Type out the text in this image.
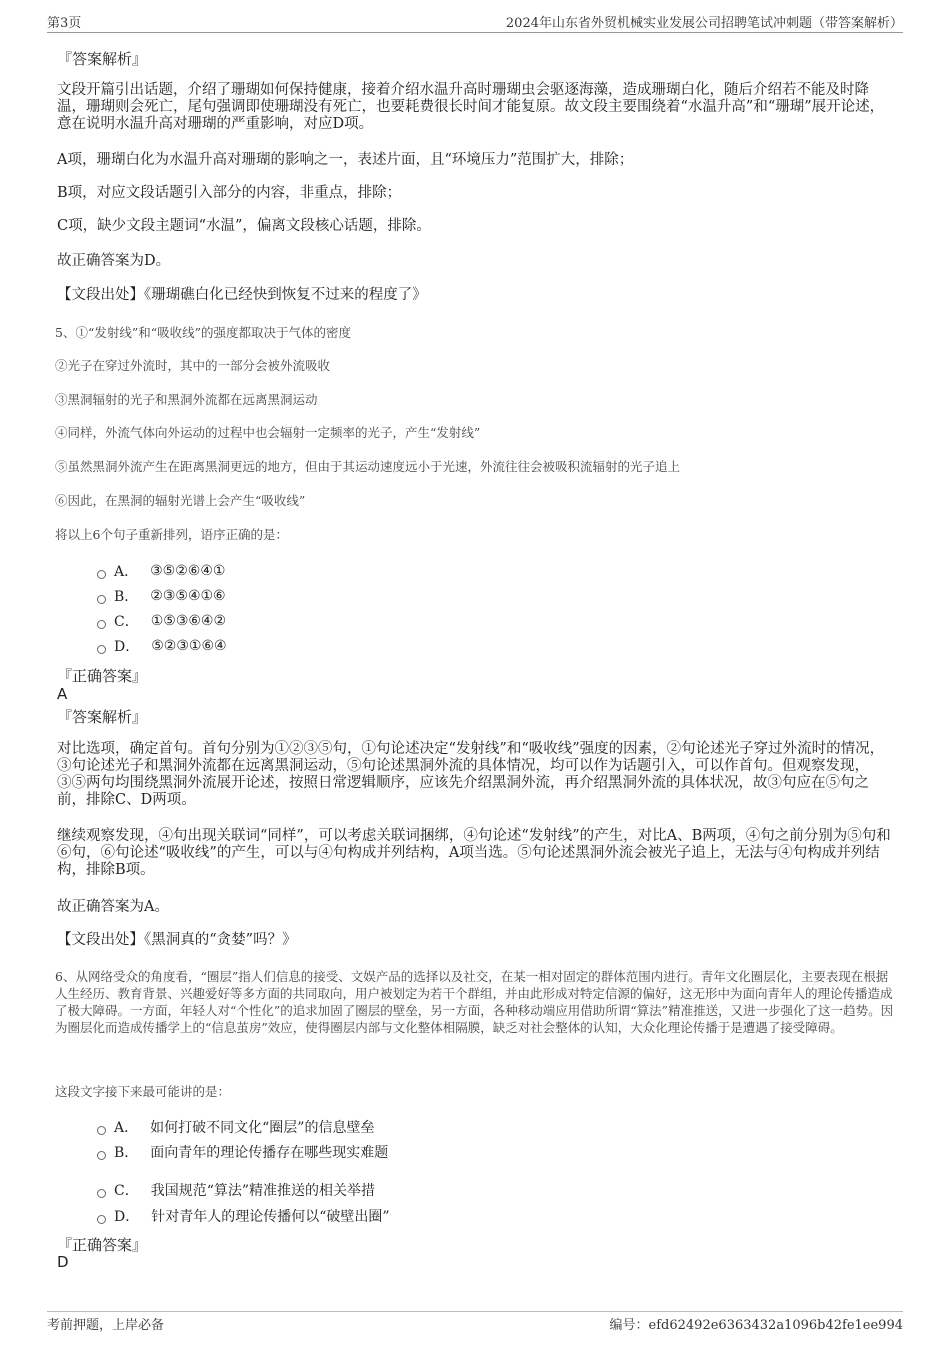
第3页	2024年山东省外贸机械实业发展公司招聘笔试冲刺题（带答案解析）
『答案解析』
文段开篇引出话题，介绍了珊瑚如何保持健康，接着介绍水温升高时珊瑚虫会驱逐海藻，造成珊瑚白化，随后介绍若不能及时降温，珊瑚则会死亡，尾句强调即使珊瑚没有死亡，也要耗费很长时间才能复原。故文段主要围绕着“水温升高”和“珊瑚”展开论述，意在说明水温升高对珊瑚的严重影响，对应D项。
A项，珊瑚白化为水温升高对珊瑚的影响之一，表述片面，且“环境压力”范围扩大，排除；
B项，对应文段话题引入部分的内容，非重点，排除；
C项，缺少文段主题词“水温”，偏离文段核心话题，排除。
故正确答案为D。
【文段出处】《珊瑚礁白化已经快到恢复不过来的程度了》
5、①“发射线”和“吸收线”的强度都取决于气体的密度
②光子在穿过外流时，其中的一部分会被外流吸收
③黑洞辐射的光子和黑洞外流都在远离黑洞运动
④同样，外流气体向外运动的过程中也会辐射一定频率的光子，产生“发射线”
⑤虽然黑洞外流产生在距离黑洞更远的地方，但由于其运动速度远小于光速，外流往往会被吸积流辐射的光子追上
⑥因此，在黑洞的辐射光谱上会产生“吸收线”
将以上6个句子重新排列，语序正确的是：
A． ③⑤②⑥④①
B． ②③⑤④①⑥
C． ①⑤③⑥④②
D． ⑤②③①⑥④
『正确答案』
A
『答案解析』
对比选项，确定首句。首句分别为①②③⑤句，①句论述决定“发射线”和“吸收线”强度的因素，②句论述光子穿过外流时的情况，③句论述光子和黑洞外流都在远离黑洞运动，⑤句论述黑洞外流的具体情况，均可以作为话题引入，可以作首句。但观察发现，③⑤两句均围绕黑洞外流展开论述，按照日常逻辑顺序，应该先介绍黑洞外流，再介绍黑洞外流的具体状况，故③句应在⑤句之前，排除C、D两项。
继续观察发现，④句出现关联词“同样”，可以考虑关联词捆绑，④句论述“发射线”的产生，对比A、B两项，④句之前分别为⑤句和⑥句，⑥句论述“吸收线”的产生，可以与④句构成并列结构，A项当选。⑤句论述黑洞外流会被光子追上，无法与④句构成并列结构，排除B项。
故正确答案为A。
【文段出处】《黑洞真的“贪婪”吗？》
6、从网络受众的角度看，“圈层”指人们信息的接受、文娱产品的选择以及社交，在某一相对固定的群体范围内进行。青年文化圈层化，主要表现在根据人生经历、教育背景、兴趣爱好等多方面的共同取向，用户被划定为若干个群组，并由此形成对特定信源的偏好，这无形中为面向青年人的理论传播造成了极大障碍。一方面，年轻人对“个性化”的追求加固了圈层的壁垒，另一方面，各种移动端应用借助所谓“算法”精准推送，又进一步强化了这一趋势。因为圈层化而造成传播学上的“信息茧房”效应，使得圈层内部与文化整体相隔膜，缺乏对社会整体的认知，大众化理论传播于是遭遇了接受障碍。
这段文字接下来最可能讲的是：
A． 如何打破不同文化“圈层”的信息壁垒
B． 面向青年的理论传播存在哪些现实难题
C． 我国规范“算法”精准推送的相关举措
D． 针对青年人的理论传播何以“破壁出圈”
『正确答案』
D
考前押题，上岸必备	编号：efd62492e6363432a1096b42fe1ee994
